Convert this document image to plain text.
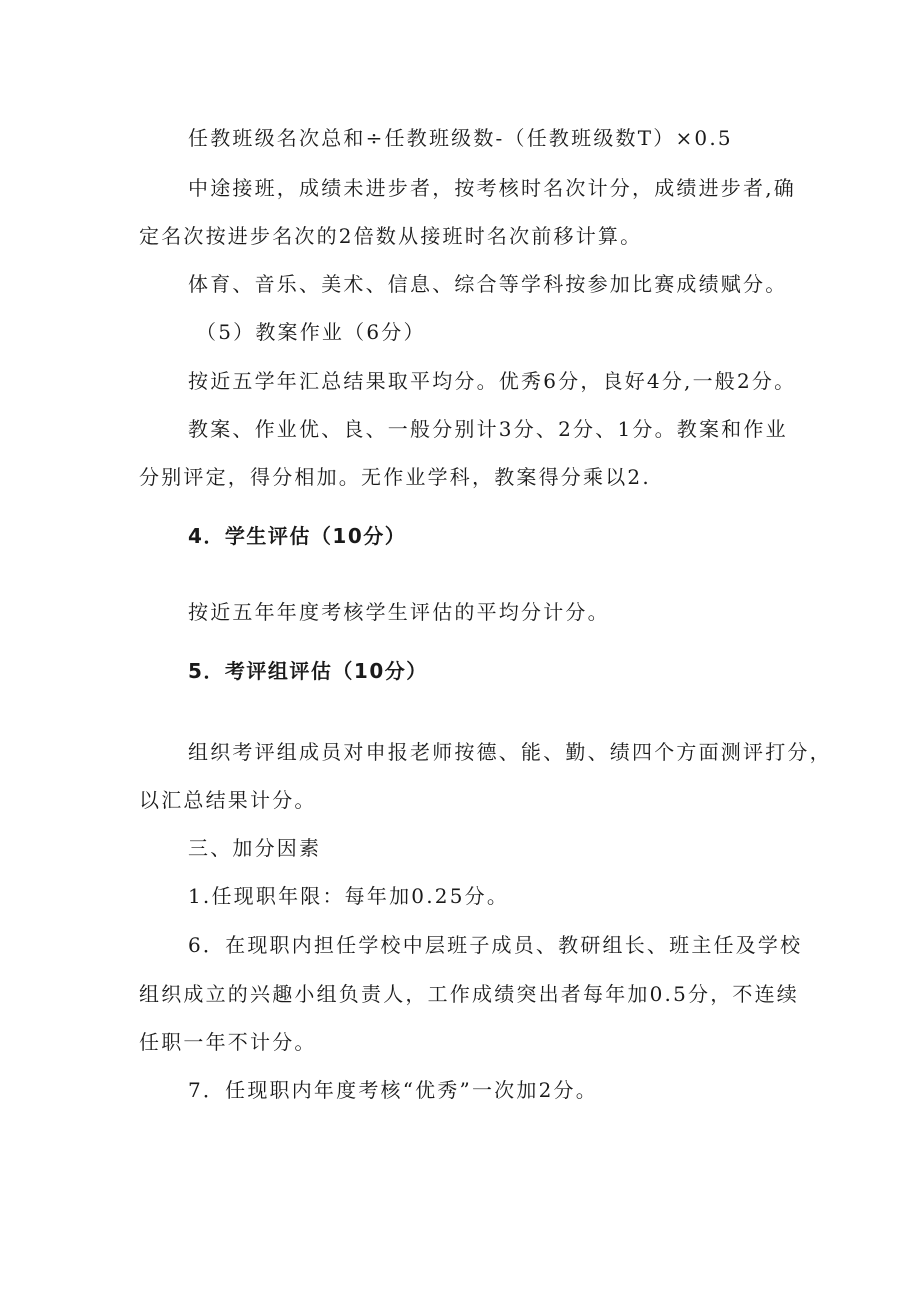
任教班级名次总和÷任教班级数-（任教班级数T）×0.5
中途接班，成绩未进步者，按考核时名次计分，成绩进步者,确
定名次按进步名次的2倍数从接班时名次前移计算。
体育、音乐、美术、信息、综合等学科按参加比赛成绩赋分。
（5）教案作业（6分）
按近五学年汇总结果取平均分。优秀6分，良好4分,一般2分。
教案、作业优、良、一般分别计3分、2分、1分。教案和作业
分别评定，得分相加。无作业学科，教案得分乘以2.
4．学生评估（10分）
按近五年年度考核学生评估的平均分计分。
5．考评组评估（10分）
组织考评组成员对申报老师按德、能、勤、绩四个方面测评打分，
以汇总结果计分。
三、加分因素
1.任现职年限：每年加0.25分。
6．在现职内担任学校中层班子成员、教研组长、班主任及学校
组织成立的兴趣小组负责人，工作成绩突出者每年加0.5分，不连续
任职一年不计分。
7．任现职内年度考核“优秀”一次加2分。
